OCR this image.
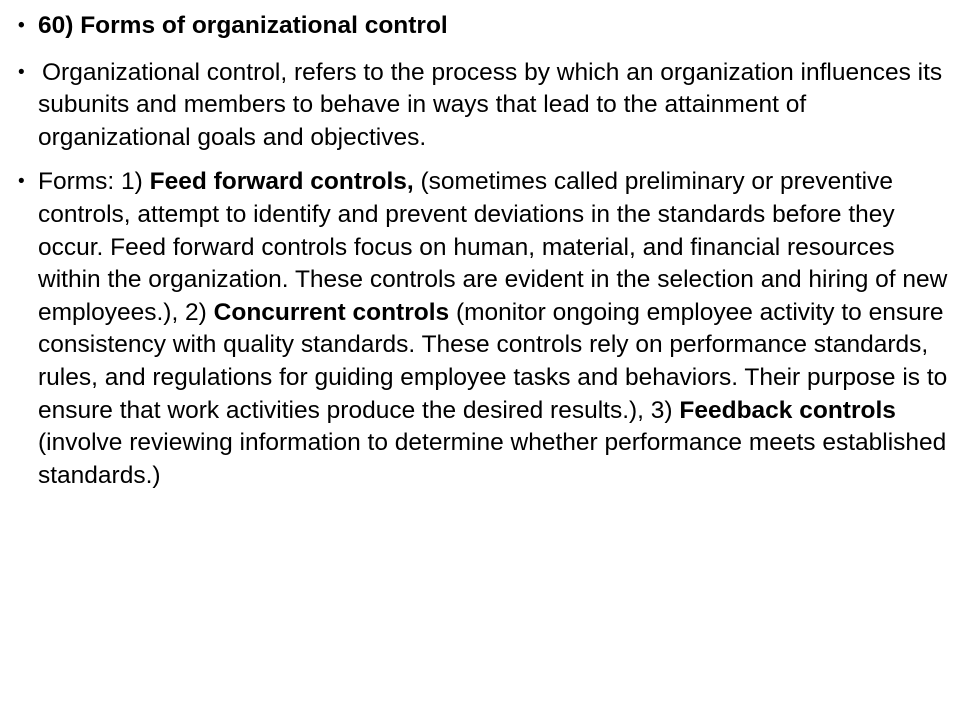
• 60) Forms of organizational control
• Organizational control, refers to the process by which an organization influences its subunits and members to behave in ways that lead to the attainment of organizational goals and objectives.
• Forms: 1) Feed forward controls, (sometimes called preliminary or preventive controls, attempt to identify and prevent deviations in the standards before they occur. Feed forward controls focus on human, material, and financial resources within the organization. These controls are evident in the selection and hiring of new employees.), 2) Concurrent controls (monitor ongoing employee activity to ensure consistency with quality standards. These controls rely on performance standards, rules, and regulations for guiding employee tasks and behaviors. Their purpose is to ensure that work activities produce the desired results.), 3) Feedback controls (involve reviewing information to determine whether performance meets established standards.)
